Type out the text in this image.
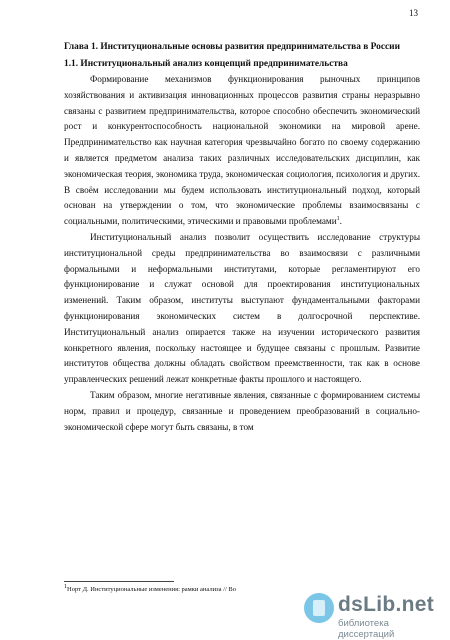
13

Глава 1. Институциональные основы развития предпринимательства в России

1.1. Институциональный анализ концепций предпринимательства

Формирование механизмов функционирования рыночных принципов хозяйствования и активизация инновационных процессов развития страны неразрывно связаны с развитием предпринимательства, которое способно обеспечить экономический рост и конкурентоспособность национальной экономики на мировой арене. Предпринимательство как научная категория чрезвычайно богато по своему содержанию и является предметом анализа таких различных исследовательских дисциплин, как экономическая теория, экономика труда, экономическая социология, психология и других. В своём исследовании мы будем использовать институциональный подход, который основан на утверждении о том, что экономические проблемы взаимосвязаны с социальными, политическими, этическими и правовыми проблемами$^1$.

Институциональный анализ позволит осуществить исследование структуры институциональной среды предпринимательства во взаимосвязи с различными формальными и неформальными институтами, которые регламентируют его функционирование и служат основой для проектирования институциональных изменений. Таким образом, институты выступают фундаментальными факторами функционирования экономических систем в долгосрочной перспективе. Институциональный анализ опирается также на изучении исторического развития конкретного явления, поскольку настоящее и будущее связаны с прошлым. Развитие институтов общества должны обладать свойством преемственности, так как в основе управленческих решений лежат конкретные факты прошлого и настоящего.

Таким образом, многие негативные явления, связанные с формированием системы норм, правил и процедур, связанные и проведением преобразований в социально- экономической сфере могут быть связаны, в том

$^1$Норт Д. Институциональные изменения: рамки анализа // Во
dsLib.net
библиотека диссертаций
